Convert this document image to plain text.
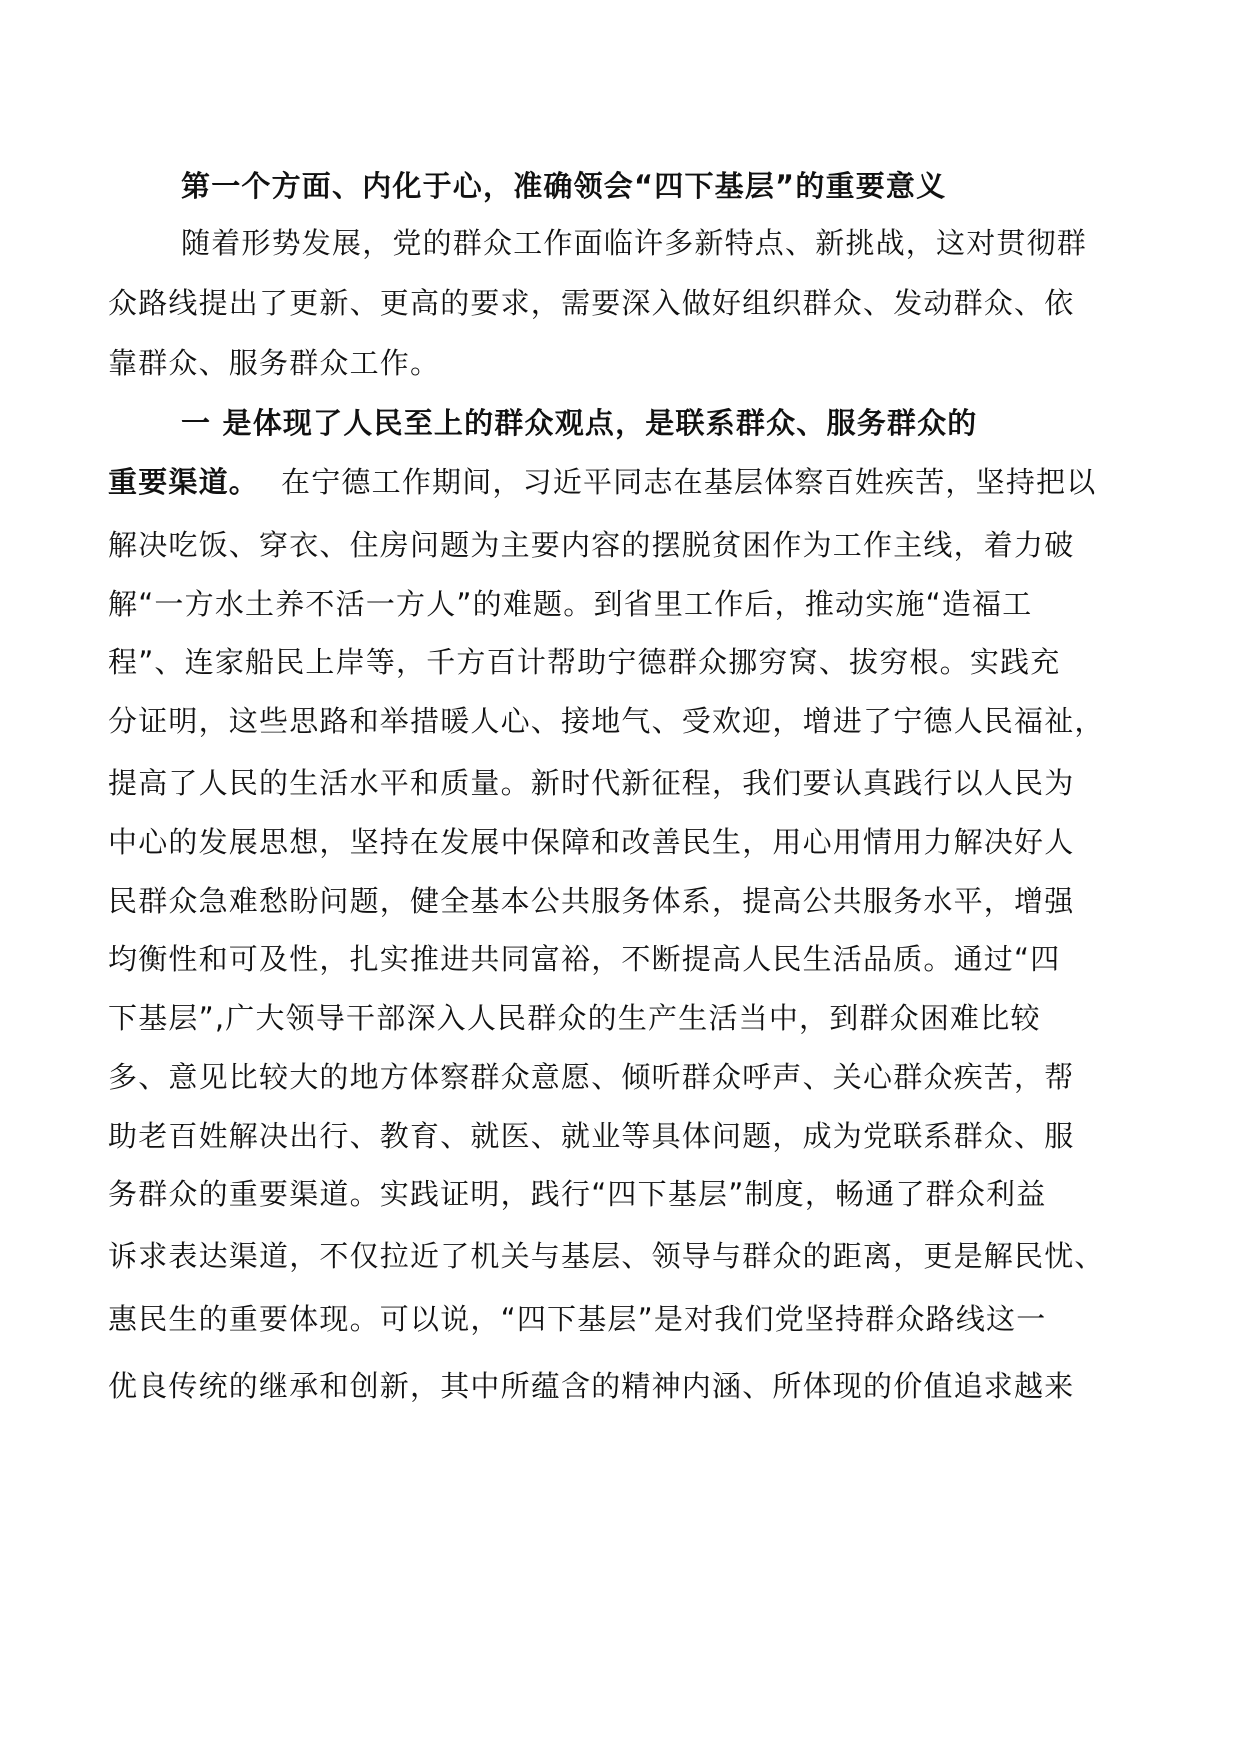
第一个方面、内化于心，准确领会“四下基层”的重要意义
随着形势发展，党的群众工作面临许多新特点、新挑战，这对贯彻群
众路线提出了更新、更高的要求，需要深入做好组织群众、发动群众、依
靠群众、服务群众工作。
一 是体现了人民至上的群众观点，是联系群众、服务群众的
重要渠道。 在宁德工作期间，习近平同志在基层体察百姓疾苦，坚持把以
解决吃饭、穿衣、住房问题为主要内容的摆脱贫困作为工作主线，着力破
解“一方水土养不活一方人”的难题。到省里工作后，推动实施“造福工
程”、连家船民上岸等，千方百计帮助宁德群众挪穷窝、拔穷根。实践充
分证明，这些思路和举措暖人心、接地气、受欢迎，增进了宁德人民福祉，
提高了人民的生活水平和质量。新时代新征程，我们要认真践行以人民为
中心的发展思想，坚持在发展中保障和改善民生，用心用情用力解决好人
民群众急难愁盼问题，健全基本公共服务体系，提高公共服务水平，增强
均衡性和可及性，扎实推进共同富裕，不断提高人民生活品质。通过“四
下基层”,广大领导干部深入人民群众的生产生活当中，到群众困难比较
多、意见比较大的地方体察群众意愿、倾听群众呼声、关心群众疾苦，帮
助老百姓解决出行、教育、就医、就业等具体问题，成为党联系群众、服
务群众的重要渠道。实践证明，践行“四下基层”制度，畅通了群众利益
诉求表达渠道，不仅拉近了机关与基层、领导与群众的距离，更是解民忧、
惠民生的重要体现。可以说，“四下基层”是对我们党坚持群众路线这一
优良传统的继承和创新，其中所蕴含的精神内涵、所体现的价值追求越来
